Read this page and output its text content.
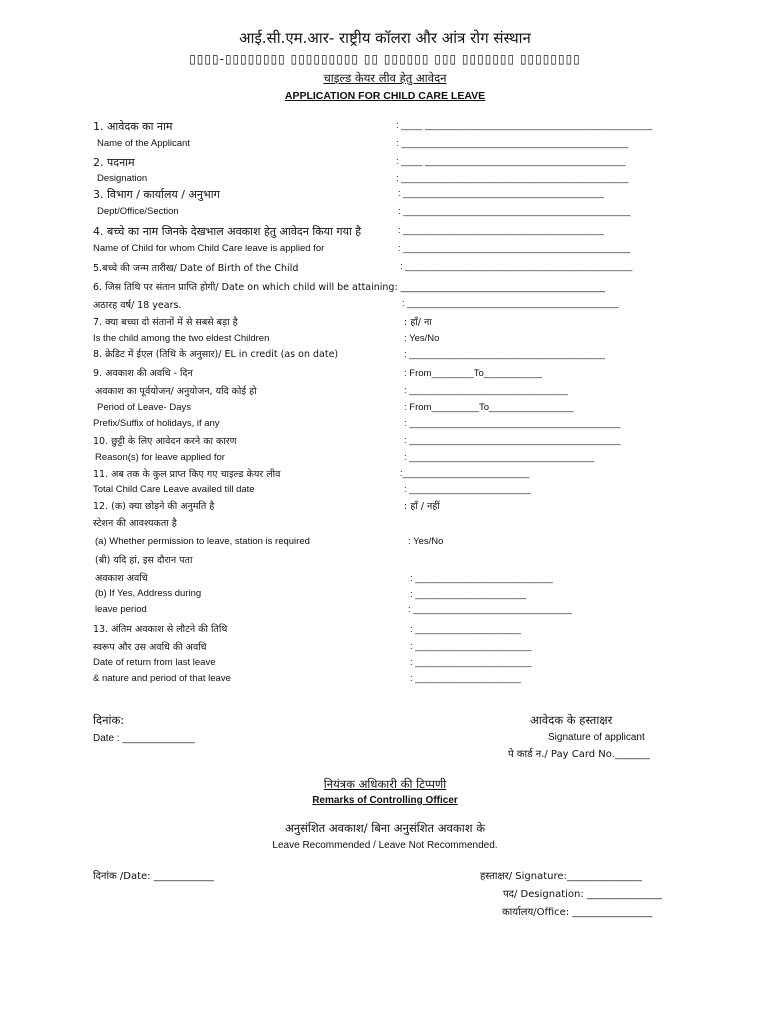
आई.सी.एम.आर- राष्ट्रीय कॉलरा और आंत्र रोग संस्थान
▯▯▯▯-▯▯▯▯▯▯▯▯ ▯▯▯▯▯▯▯▯▯ ▯▯ ▯▯▯▯▯▯ ▯▯▯ ▯▯▯▯▯▯▯ ▯▯▯▯▯▯▯▯
चाइल्ड केयर लीव हेतु आवेदन
APPLICATION FOR CHILD CARE LEAVE
1. आवेदक का नाम	: ____ ___________________________________________
Name of the Applicant	: ___________________________________________
2. पदनाम	: ____ ______________________________________
Designation	: ___________________________________________
3. विभाग / कार्यालय / अनुभाग	: ______________________________________
Dept/Office/Section	: ___________________________________________
4. बच्चे का नाम जिनके देखभाल अवकाश हेतु आवेदन किया गया है	: ______________________________________
Name of Child for whom Child Care leave is applied for	: ___________________________________________
5.बच्चे की जन्म तारीख/ Date of Birth of the Child	: ___________________________________________
6. जिस तिथि पर संतान प्राप्ति होगी/ Date on which child will be attaining: ___________________________________________
अठारह वर्ष/ 18 years.	: ________________________________________
7. क्या बच्चा दो संतानों में से सबसे बड़ा है	: हाँ/ ना
Is the child among the two eldest Children	: Yes/No
8. क्रेडिट में ईएल (तिथि के अनुसार)/ EL in credit (as on date)	: _____________________________________
9. अवकाश की अवधि - दिन	: From________To___________
अवकाश का पूर्वयोजन/ अनुयोजन, यदि कोई हो	: ______________________________
Period of Leave- Days	: From_________To________________
Prefix/Suffix of holidays, if any	: ________________________________________
10. छुट्टी के लिए आवेदन करने का कारण	: ________________________________________
Reason(s) for leave applied for	: ___________________________________
11. अब तक के कुल प्राप्त किए गए चाइल्ड केयर लीव	:________________________
Total Child Care Leave availed till date	: _______________________
12. (क) क्या छोड़ने की अनुमति है	: हाँ / नहीं
स्टेशन की आवश्यकता है
(a) Whether permission to leave, station is required	: Yes/No
(बी) यदि हां, इस दौरान पता
अवकाश अवधि	: __________________________
(b) If Yes, Address during	: _____________________
leave period	: ______________________________
13. अंतिम अवकाश से लौटने की तिथि	: ____________________
स्वरूप और उस अवधि की अवधि	: ______________________
Date of return from last leave	: ______________________
& nature and period of that leave	: ____________________
दिनांक:
Date : _____________
आवेदक के हस्ताक्षर
Signature of applicant
पे कार्ड न./ Pay Card No._______
नियंत्रक अधिकारी की टिप्पणी
Remarks of Controlling Officer
अनुसंशित अवकाश/ बिना अनुसंशित अवकाश के
Leave Recommended / Leave Not Recommended.
दिनांक /Date: ____________	हस्ताक्षर/ Signature:_______________
पद/ Designation: _______________
कार्यालय/Office: ________________
